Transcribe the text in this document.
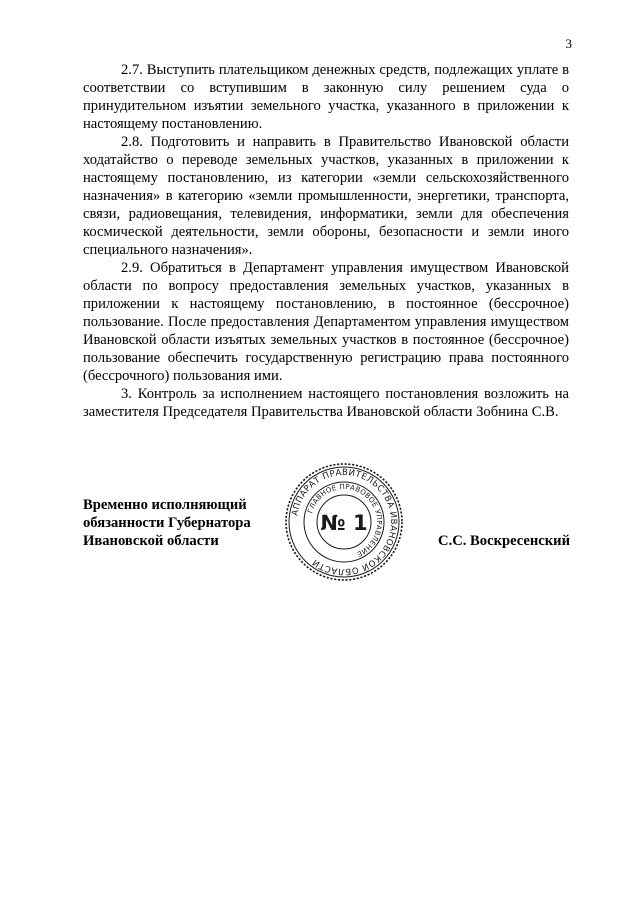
3

2.7. Выступить плательщиком денежных средств, подлежащих уплате в соответствии со вступившим в законную силу решением суда о принудительном изъятии земельного участка, указанного в приложении к настоящему постановлению.

2.8. Подготовить и направить в Правительство Ивановской области ходатайство о переводе земельных участков, указанных в приложении к настоящему постановлению, из категории «земли сельскохозяйственного назначения» в категорию «земли промышленности, энергетики, транспорта, связи, радиовещания, телевидения, информатики, земли для обеспечения космической деятельности, земли обороны, безопасности и земли иного специального назначения».

2.9. Обратиться в Департамент управления имуществом Ивановской области по вопросу предоставления земельных участков, указанных в приложении к настоящему постановлению, в постоянное (бессрочное) пользование. После предоставления Департаментом управления имуществом Ивановской области изъятых земельных участков в постоянное (бессрочное) пользование обеспечить государственную регистрацию права постоянного (бессрочного) пользования ими.

3. Контроль за исполнением настоящего постановления возложить на заместителя Председателя Правительства Ивановской области Зобнина С.В.

Временно исполняющий
обязанности Губернатора
Ивановской области
АППАРАТ ПРАВИТЕЛЬСТВА ИВАНОВСКОЙ ОБЛАСТИ
ГЛАВНОЕ ПРАВОВОЕ УПРАВЛЕНИЕ
№ 1
С.С. Воскресенский
